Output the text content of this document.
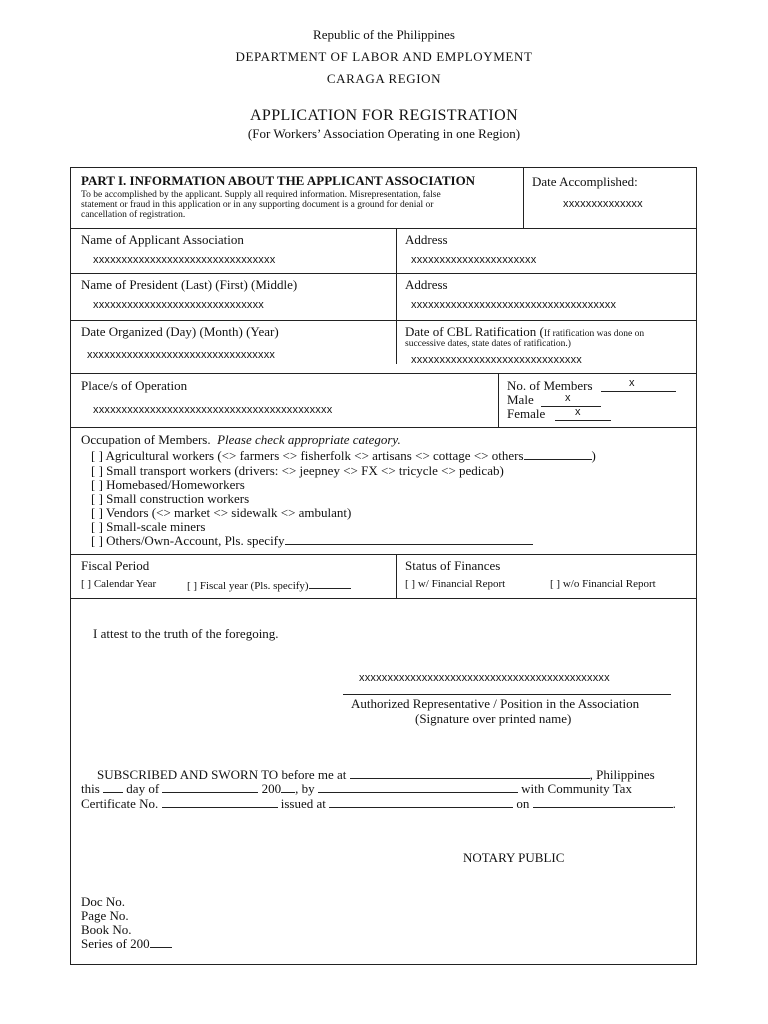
Republic of the Philippines
DEPARTMENT OF LABOR AND EMPLOYMENT
CARAGA REGION
APPLICATION FOR REGISTRATION
(For Workers’ Association Operating in one Region)
PART I. INFORMATION ABOUT THE APPLICANT ASSOCIATION
To be accomplished by the applicant. Supply all required information. Misrepresentation, false
statement or fraud in this application or in any supporting document is a ground for denial or
cancellation of registration.
Date Accomplished:
xxxxxxxxxxxxxx
Name of Applicant Association
xxxxxxxxxxxxxxxxxxxxxxxxxxxxxxxx
Address
xxxxxxxxxxxxxxxxxxxxxx
Name of President (Last) (First) (Middle)
xxxxxxxxxxxxxxxxxxxxxxxxxxxxxx
Address
xxxxxxxxxxxxxxxxxxxxxxxxxxxxxxxxxxxx
Date Organized (Day) (Month) (Year)
xxxxxxxxxxxxxxxxxxxxxxxxxxxxxxxxx
Date of CBL Ratification (If ratification was done on
successive dates, state dates of ratification.)
xxxxxxxxxxxxxxxxxxxxxxxxxxxxxx
Place/s of Operation
xxxxxxxxxxxxxxxxxxxxxxxxxxxxxxxxxxxxxxxxxx
No. of Members	x
Male	x
Female	x
Occupation of Members. Please check appropriate category.
[ ] Agricultural workers (<> farmers <> fisherfolk <> artisans <> cottage <> others	)
[ ] Small transport workers (drivers: <> jeepney <> FX <> tricycle <> pedicab)
[ ] Homebased/Homeworkers
[ ] Small construction workers
[ ] Vendors (<> market <> sidewalk <> ambulant)
[ ] Small-scale miners
[ ] Others/Own-Account, Pls. specify
Fiscal Period
[ ] Calendar Year	[ ] Fiscal year (Pls. specify)
Status of Finances
[ ] w/ Financial Report	[ ] w/o Financial Report
I attest to the truth of the foregoing.
xxxxxxxxxxxxxxxxxxxxxxxxxxxxxxxxxxxxxxxxxxxx
Authorized Representative / Position in the Association
(Signature over printed name)
SUBSCRIBED AND SWORN TO before me at	, Philippines
this day of	200 , by	with Community Tax
Certificate No.	issued at	on	.
NOTARY PUBLIC
Doc No.
Page No.
Book No.
Series of 200
